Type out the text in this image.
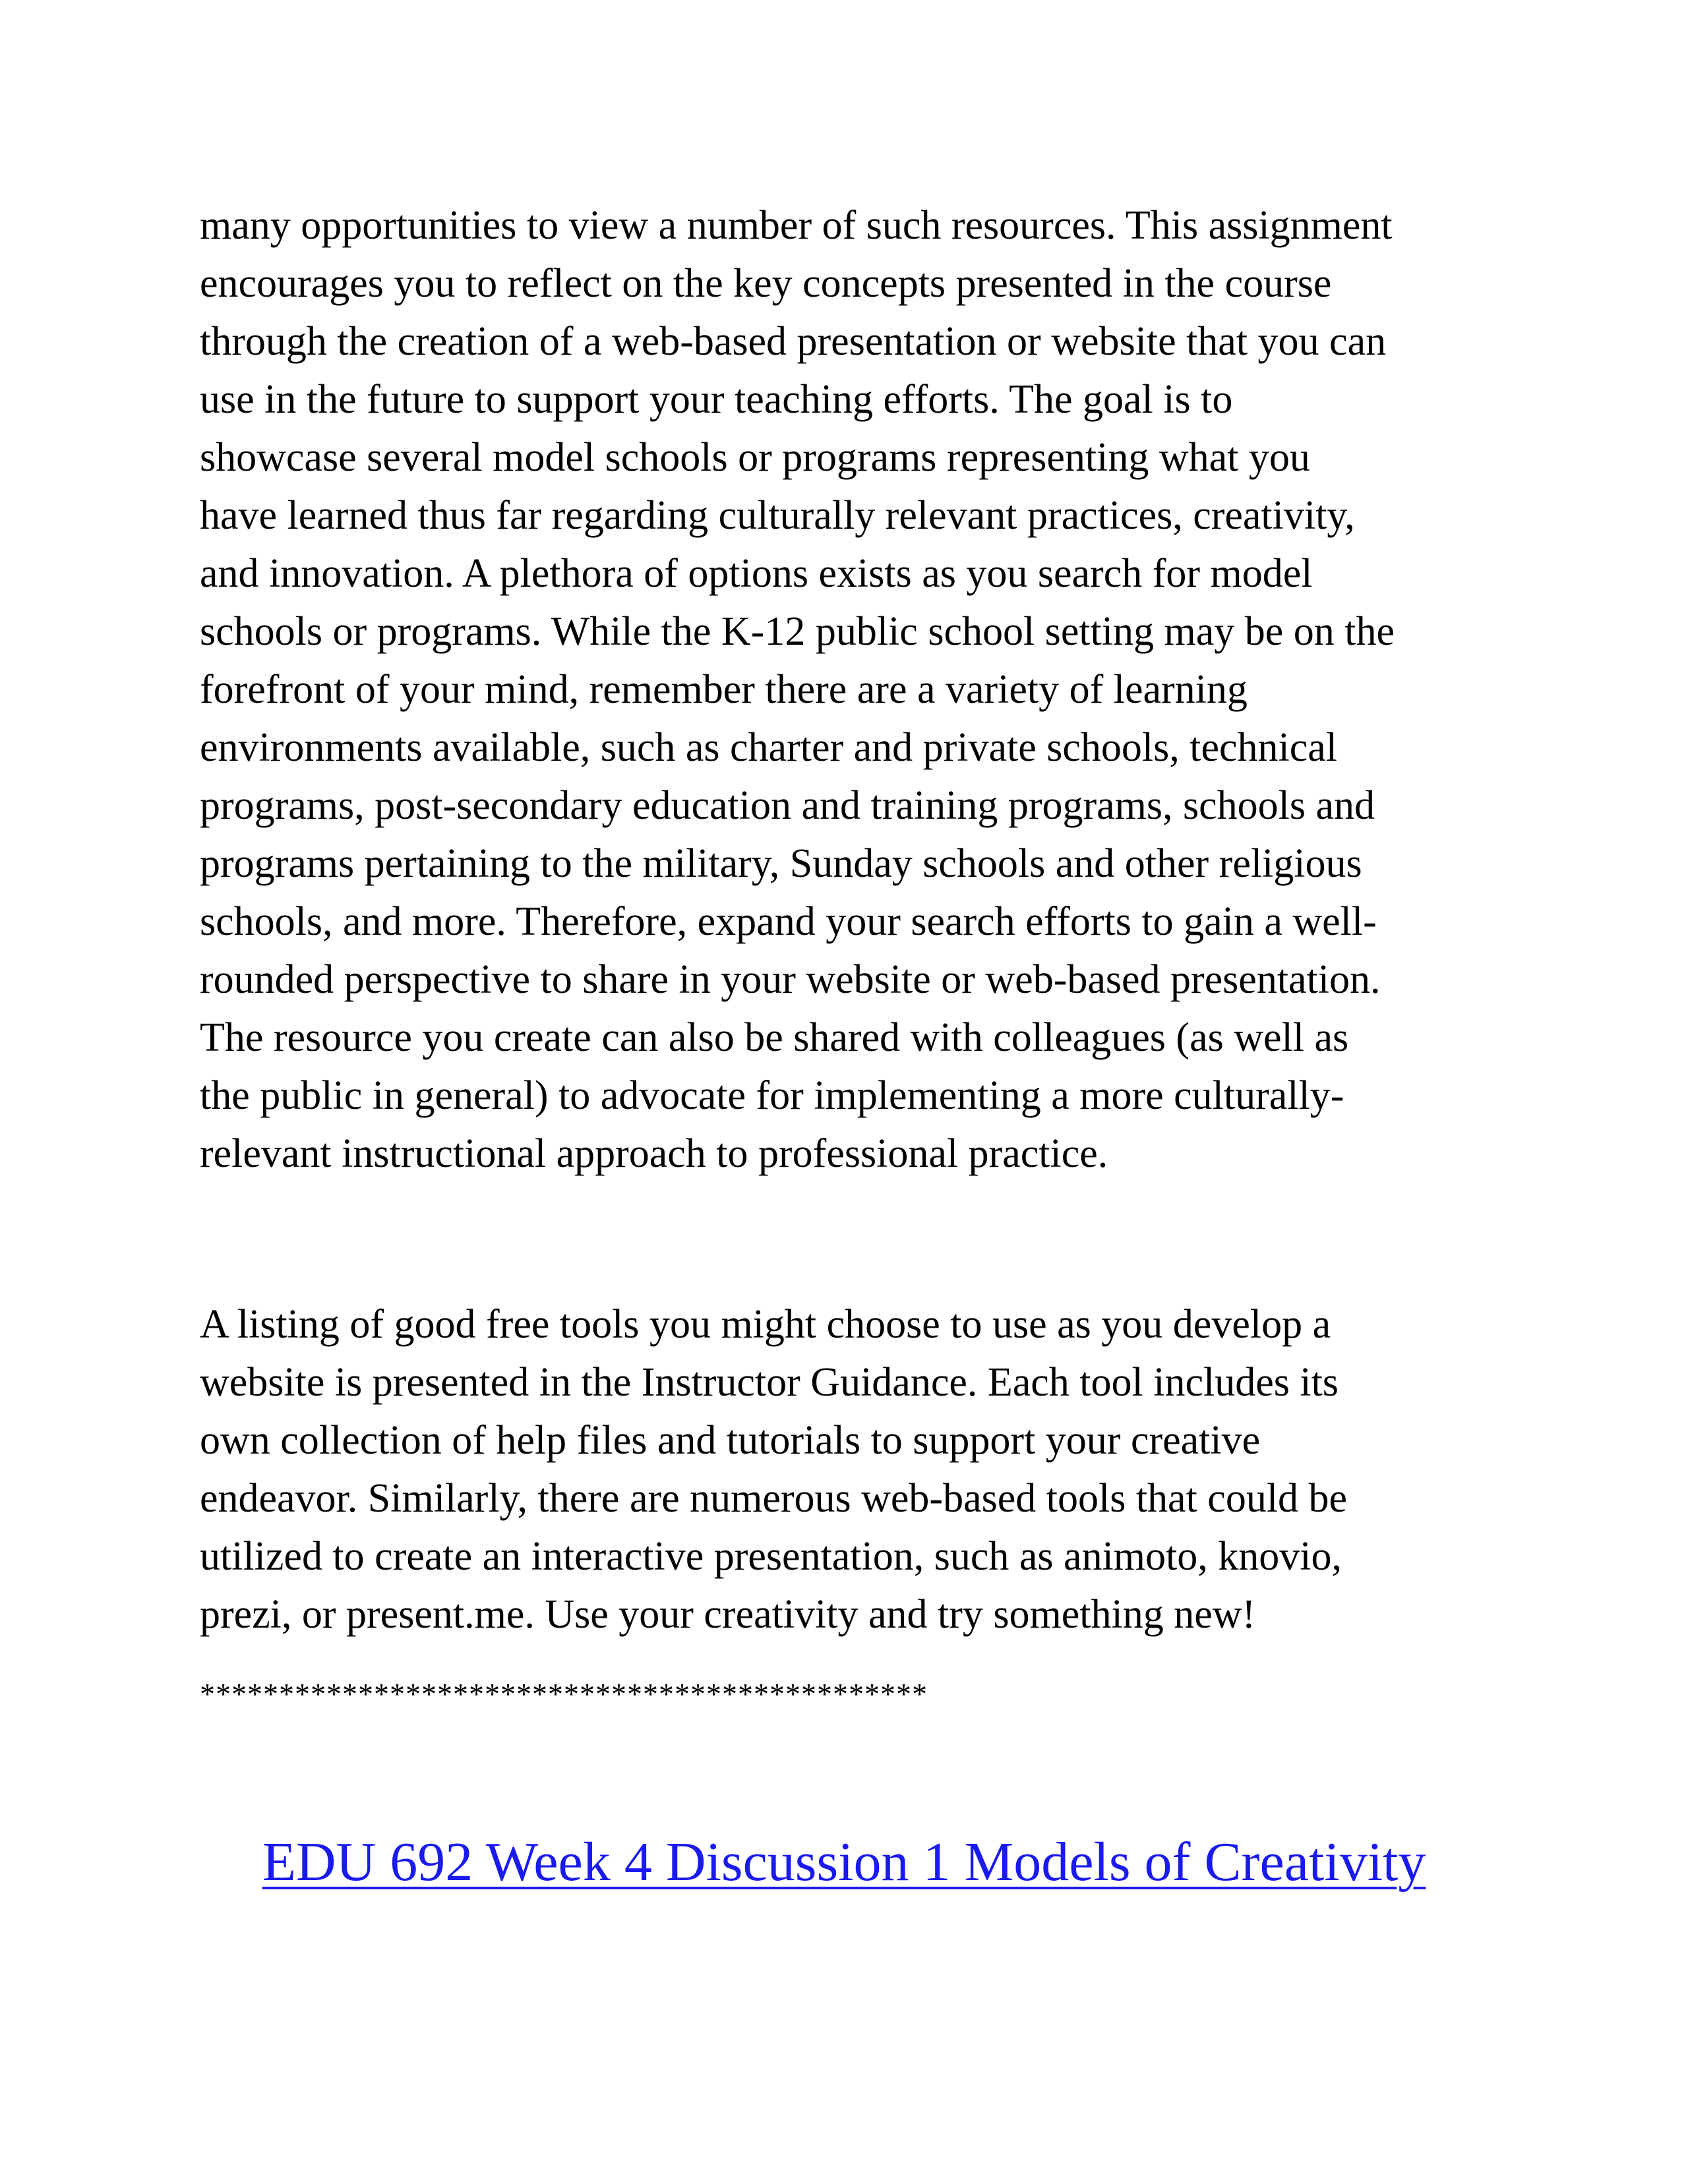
many opportunities to view a number of such resources. This assignment
encourages you to reflect on the key concepts presented in the course
through the creation of a web-based presentation or website that you can
use in the future to support your teaching efforts. The goal is to
showcase several model schools or programs representing what you
have learned thus far regarding culturally relevant practices, creativity,
and innovation. A plethora of options exists as you search for model
schools or programs. While the K-12 public school setting may be on the
forefront of your mind, remember there are a variety of learning
environments available, such as charter and private schools, technical
programs, post-secondary education and training programs, schools and
programs pertaining to the military, Sunday schools and other religious
schools, and more. Therefore, expand your search efforts to gain a well-
rounded perspective to share in your website or web-based presentation.
The resource you create can also be shared with colleagues (as well as
the public in general) to advocate for implementing a more culturally-
relevant instructional approach to professional practice.
A listing of good free tools you might choose to use as you develop a
website is presented in the Instructor Guidance. Each tool includes its
own collection of help files and tutorials to support your creative
endeavor. Similarly, there are numerous web-based tools that could be
utilized to create an interactive presentation, such as animoto, knovio,
prezi, or present.me. Use your creativity and try something new!
**********************************************
EDU 692 Week 4 Discussion 1 Models of Creativity
